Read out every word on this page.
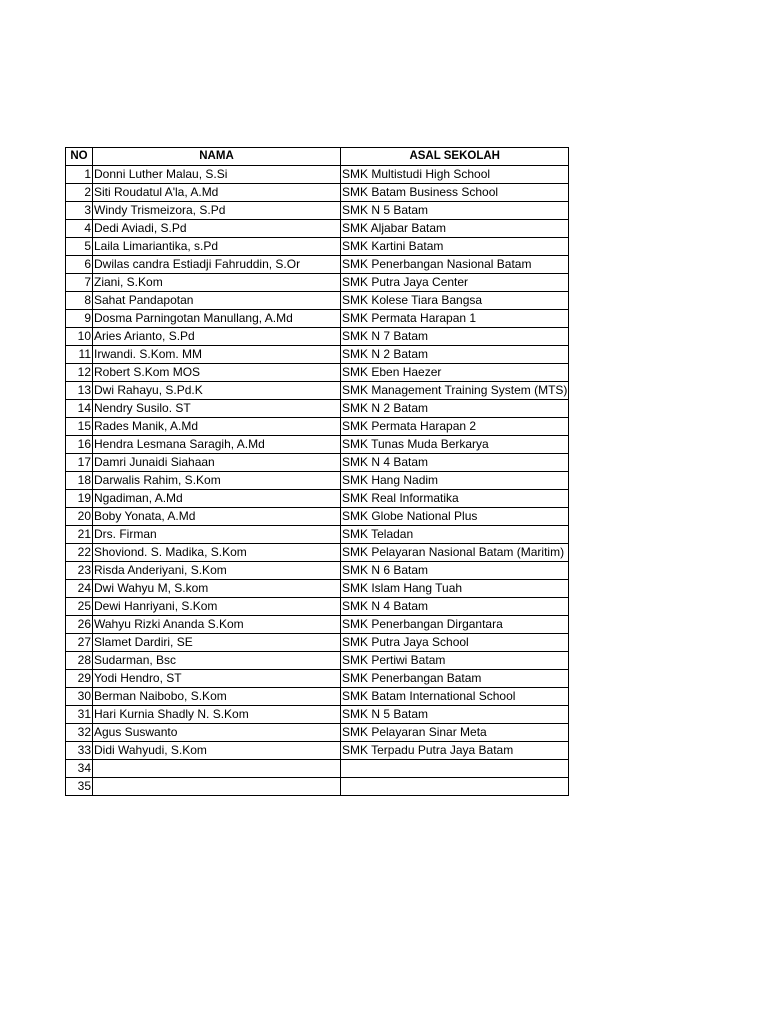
NO	NAMA	ASAL SEKOLAH
1	Donni Luther Malau, S.Si	SMK Multistudi High School

2	Siti Roudatul A'la, A.Md	SMK Batam Business School

3	Windy Trismeizora, S.Pd	SMK N 5 Batam

4	Dedi Aviadi, S.Pd	SMK Aljabar Batam

5	Laila Limariantika, s.Pd	SMK Kartini Batam

6	Dwilas candra Estiadji Fahruddin, S.Or	SMK Penerbangan Nasional Batam

7	Ziani, S.Kom	SMK Putra Jaya Center

8	Sahat Pandapotan	SMK Kolese Tiara Bangsa

9	Dosma Parningotan Manullang, A.Md	SMK Permata Harapan 1

10	Aries Arianto, S.Pd	SMK N 7 Batam

11	Irwandi. S.Kom. MM	SMK N 2 Batam

12	Robert S.Kom MOS	SMK Eben Haezer

13	Dwi Rahayu, S.Pd.K	SMK Management Training System (MTS)

14	Nendry Susilo. ST	SMK N 2 Batam

15	Rades Manik, A.Md	SMK Permata Harapan 2

16	Hendra Lesmana Saragih, A.Md	SMK Tunas Muda Berkarya

17	Damri Junaidi Siahaan	SMK N 4 Batam

18	Darwalis Rahim, S.Kom	SMK Hang Nadim

19	Ngadiman, A.Md	SMK Real Informatika

20	Boby Yonata, A.Md	SMK Globe National Plus

21	Drs. Firman	SMK Teladan

22	Shoviond. S. Madika, S.Kom	SMK Pelayaran Nasional Batam (Maritim)

23	Risda Anderiyani, S.Kom	SMK N 6 Batam

24	Dwi Wahyu M, S.kom	SMK Islam Hang Tuah

25	Dewi Hanriyani, S.Kom	SMK N 4 Batam

26	Wahyu Rizki Ananda S.Kom	SMK Penerbangan Dirgantara

27	Slamet Dardiri, SE	SMK Putra Jaya School

28	Sudarman, Bsc	SMK Pertiwi Batam

29	Yodi Hendro, ST	SMK Penerbangan Batam

30	Berman Naibobo, S.Kom	SMK Batam International School

31	Hari Kurnia Shadly N. S.Kom	SMK N 5 Batam

32	Agus Suswanto	SMK Pelayaran Sinar Meta

33	Didi Wahyudi, S.Kom	SMK Terpadu Putra Jaya Batam

34	

35	
